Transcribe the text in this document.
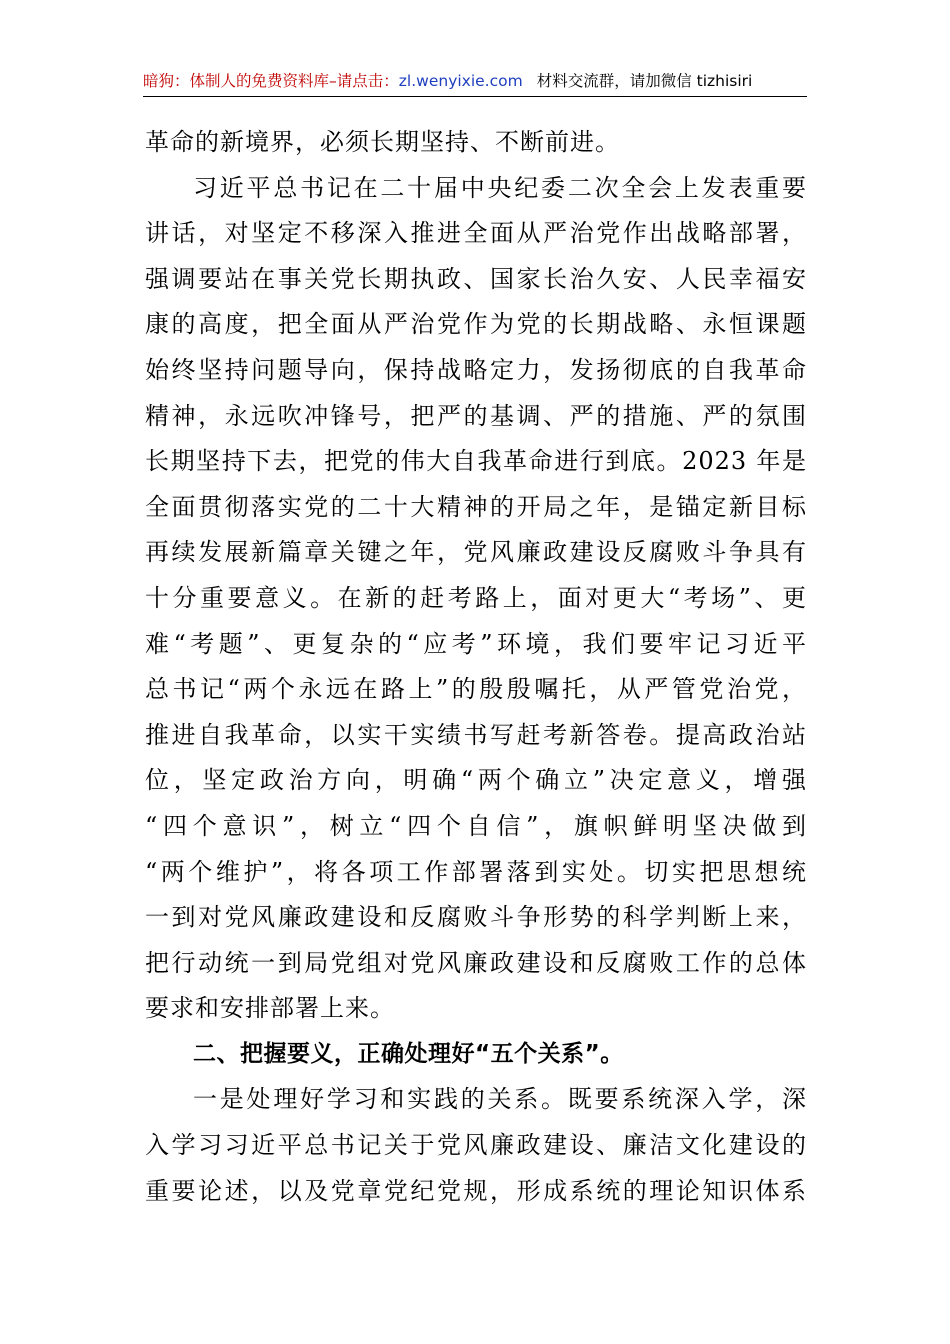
暗狗：体制人的免费资料库–请点击：zl.wenyixie.com 材料交流群，请加微信 tizhisiri
革命的新境界，必须长期坚持、不断前进。
习近平总书记在二十届中央纪委二次全会上发表重要
讲话，对坚定不移深入推进全面从严治党作出战略部署，
强调要站在事关党长期执政、国家长治久安、人民幸福安
康的高度，把全面从严治党作为党的长期战略、永恒课题
始终坚持问题导向，保持战略定力，发扬彻底的自我革命
精神，永远吹冲锋号，把严的基调、严的措施、严的氛围
长期坚持下去，把党的伟大自我革命进行到底。2023 年是
全面贯彻落实党的二十大精神的开局之年，是锚定新目标
再续发展新篇章关键之年，党风廉政建设反腐败斗争具有
十分重要意义。在新的赶考路上，面对更大“考场”、更
难“考题”、更复杂的“应考”环境，我们要牢记习近平
总书记“两个永远在路上”的殷殷嘱托，从严管党治党，
推进自我革命，以实干实绩书写赶考新答卷。提高政治站
位，坚定政治方向，明确“两个确立”决定意义，增强
“四个意识”，树立“四个自信”，旗帜鲜明坚决做到
“两个维护”，将各项工作部署落到实处。切实把思想统
一到对党风廉政建设和反腐败斗争形势的科学判断上来，
把行动统一到局党组对党风廉政建设和反腐败工作的总体
要求和安排部署上来。
二、把握要义，正确处理好“五个关系”。
一是处理好学习和实践的关系。既要系统深入学，深
入学习习近平总书记关于党风廉政建设、廉洁文化建设的
重要论述，以及党章党纪党规，形成系统的理论知识体系
